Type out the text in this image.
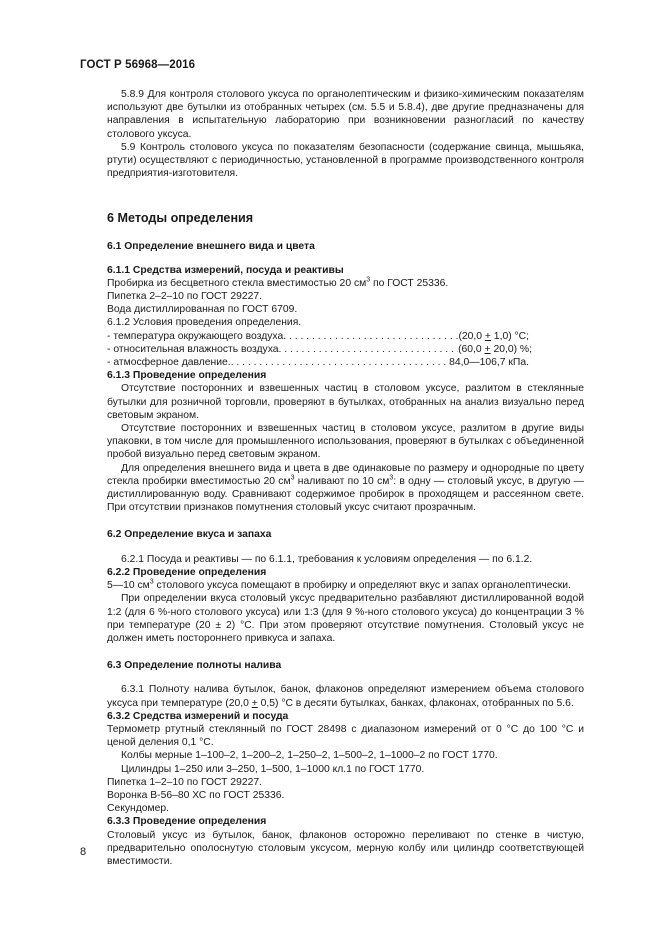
ГОСТ Р 56968—2016

5.8.9 Для контроля столового уксуса по органолептическим и физико-химическим показателям используют две бутылки из отобранных четырех (см. 5.5 и 5.8.4), две другие предназначены для направления в испытательную лабораторию при возникновении разногласий по качеству столового уксуса.

5.9 Контроль столового уксуса по показателям безопасности (содержание свинца, мышьяка, ртути) осуществляют с периодичностью, установленной в программе производственного контроля предприятия-изготовителя.

6 Методы определения

6.1 Определение внешнего вида и цвета

6.1.1 Средства измерений, посуда и реактивы

Пробирка из бесцветного стекла вместимостью 20 $см^3$ по ГОСТ 25336.

Пипетка 2–2–10 по ГОСТ 29227.

Вода дистиллированная по ГОСТ 6709.

6.1.2 Условия проведения определения.

- температура окружающего воздуха . . .	(20,0 + 1,0) °С;
- относительная влажность воздуха . . .	(60,0 + 20,0) %;
- атмосферное давление. . . .	84,0—106,7 кПа.

6.1.3 Проведение определения

Отсутствие посторонних и взвешенных частиц в столовом уксусе, разлитом в стеклянные бутылки для розничной торговли, проверяют в бутылках, отобранных на анализ визуально перед световым экраном.

Отсутствие посторонних и взвешенных частиц в столовом уксусе, разлитом в другие виды упаковки, в том числе для промышленного использования, проверяют в бутылках с объединенной пробой визуально перед световым экраном.

Для определения внешнего вида и цвета в две одинаковые по размеру и однородные по цвету стекла пробирки вместимостью 20 $см^3$ наливают по 10 $см^3$: в одну — столовый уксус, в другую — дистиллированную воду. Сравнивают содержимое пробирок в проходящем и рассеянном свете. При отсутствии признаков помутнения столовый уксус считают прозрачным.

6.2 Определение вкуса и запаха

6.2.1 Посуда и реактивы — по 6.1.1, требования к условиям определения — по 6.1.2.

6.2.2 Проведение определения

5—10 $см^3$ столового уксуса помещают в пробирку и определяют вкус и запах органолептически.

При определении вкуса столовый уксус предварительно разбавляют дистиллированной водой 1:2 (для 6 %-ного столового уксуса) или 1:3 (для 9 %-ного столового уксуса) до концентрации 3 % при температуре (20 ± 2) °С. При этом проверяют отсутствие помутнения. Столовый уксус не должен иметь постороннего привкуса и запаха.

6.3 Определение полноты налива

6.3.1 Полноту налива бутылок, банок, флаконов определяют измерением объема столового уксуса при температуре (20,0 + 0,5) °С в десяти бутылках, банках, флаконах, отобранных по 5.6.

6.3.2 Средства измерений и посуда

Термометр ртутный стеклянный по ГОСТ 28498 с диапазоном измерений от 0 °С до 100 °С и ценой деления 0,1 °С.

Колбы мерные 1–100–2, 1–200–2, 1–250–2, 1–500–2, 1–1000–2 по ГОСТ 1770.

Цилиндры 1–250 или 3–250, 1–500, 1–1000 кл.1 по ГОСТ 1770.

Пипетка 1–2–10 по ГОСТ 29227.

Воронка В-56–80 ХС по ГОСТ 25336.

Секундомер.

6.3.3 Проведение определения

Столовый уксус из бутылок, банок, флаконов осторожно переливают по стенке в чистую, предварительно ополоснутую столовым уксусом, мерную колбу или цилиндр соответствующей вместимости.

8
